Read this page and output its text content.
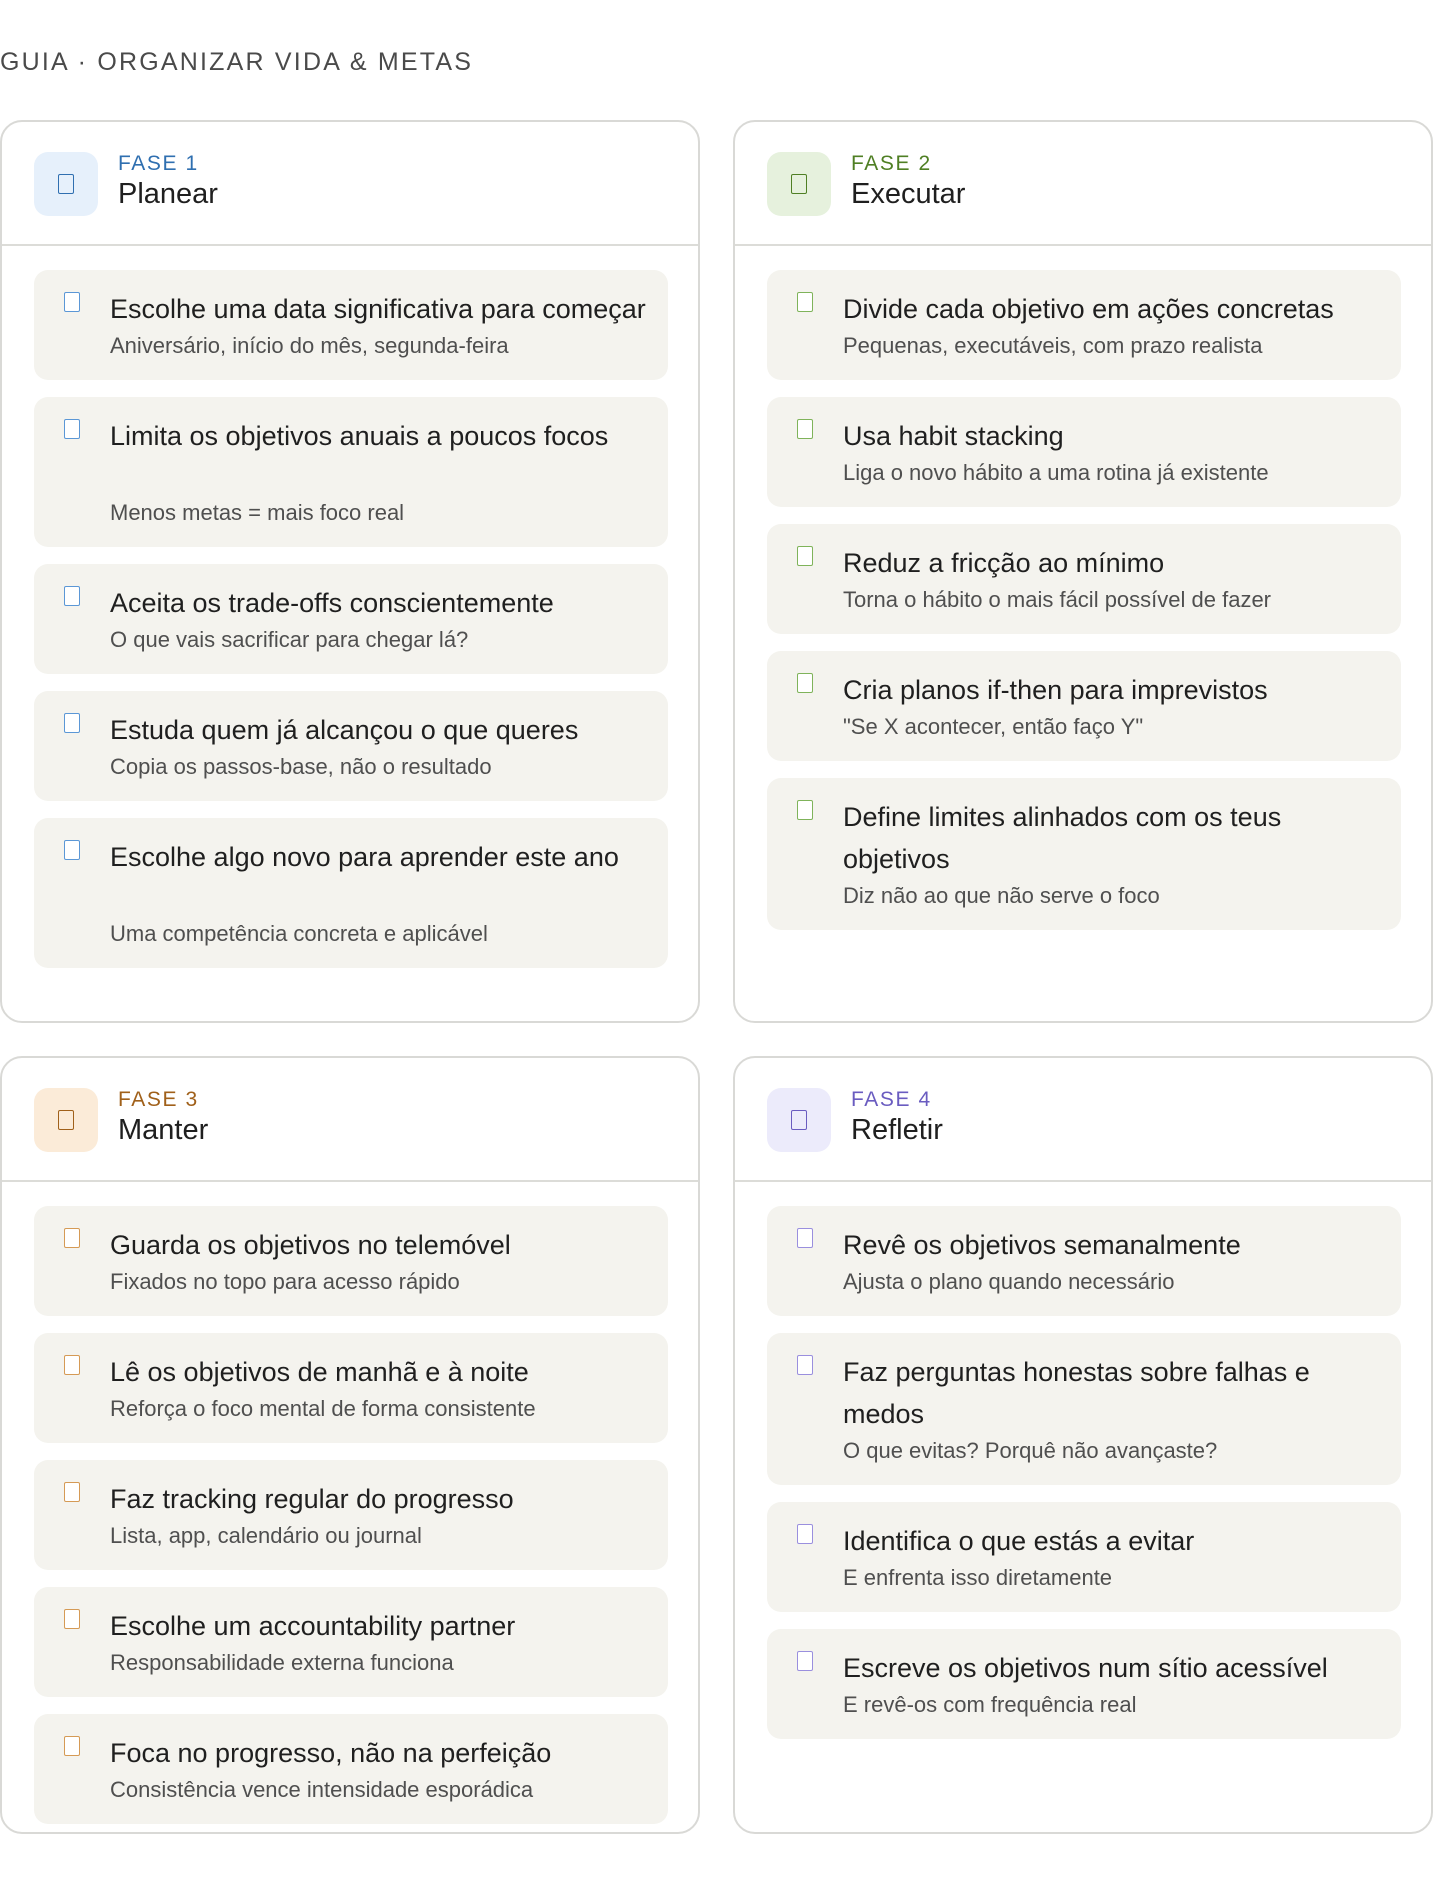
GUIA · ORGANIZAR VIDA & METAS
FASE 1
Planear
Escolhe uma data significativa para começar
Aniversário, início do mês, segunda-feira
Limita os objetivos anuais a poucos focos
Menos metas = mais foco real
Aceita os trade-offs conscientemente
O que vais sacrificar para chegar lá?
Estuda quem já alcançou o que queres
Copia os passos-base, não o resultado
Escolhe algo novo para aprender este ano
Uma competência concreta e aplicável
FASE 2
Executar
Divide cada objetivo em ações concretas
Pequenas, executáveis, com prazo realista
Usa habit stacking
Liga o novo hábito a uma rotina já existente
Reduz a fricção ao mínimo
Torna o hábito o mais fácil possível de fazer
Cria planos if-then para imprevistos
"Se X acontecer, então faço Y"
Define limites alinhados com os teus objetivos
Diz não ao que não serve o foco
FASE 3
Manter
Guarda os objetivos no telemóvel
Fixados no topo para acesso rápido
Lê os objetivos de manhã e à noite
Reforça o foco mental de forma consistente
Faz tracking regular do progresso
Lista, app, calendário ou journal
Escolhe um accountability partner
Responsabilidade externa funciona
Foca no progresso, não na perfeição
Consistência vence intensidade esporádica
FASE 4
Refletir
Revê os objetivos semanalmente
Ajusta o plano quando necessário
Faz perguntas honestas sobre falhas e medos
O que evitas? Porquê não avançaste?
Identifica o que estás a evitar
E enfrenta isso diretamente
Escreve os objetivos num sítio acessível
E revê-os com frequência real
